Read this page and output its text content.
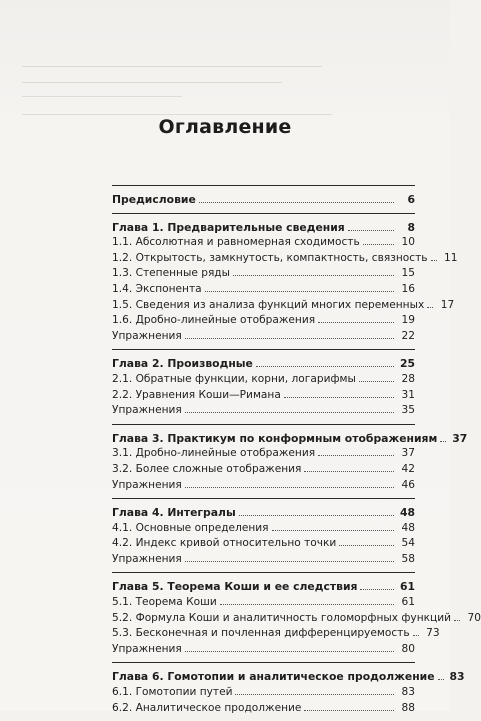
Оглавление
Предисловие	6
Глава 1. Предварительные сведения	8
1.1. Абсолютная и равномерная сходимость	10
1.2. Открытость, замкнутость, компактность, связность	11
1.3. Степенные ряды	15
1.4. Экспонента	16
1.5. Сведения из анализа функций многих переменных	17
1.6. Дробно-линейные отображения	19
Упражнения	22
Глава 2. Производные	25
2.1. Обратные функции, корни, логарифмы	28
2.2. Уравнения Коши—Римана	31
Упражнения	35
Глава 3. Практикум по конформным отображениям	37
3.1. Дробно-линейные отображения	37
3.2. Более сложные отображения	42
Упражнения	46
Глава 4. Интегралы	48
4.1. Основные определения	48
4.2. Индекс кривой относительно точки	54
Упражнения	58
Глава 5. Теорема Коши и ее следствия	61
5.1. Теорема Коши	61
5.2. Формула Коши и аналитичность голоморфных функций	70
5.3. Бесконечная и почленная дифференцируемость	73
Упражнения	80
Глава 6. Гомотопии и аналитическое продолжение	83
6.1. Гомотопии путей	83
6.2. Аналитическое продолжение	88
